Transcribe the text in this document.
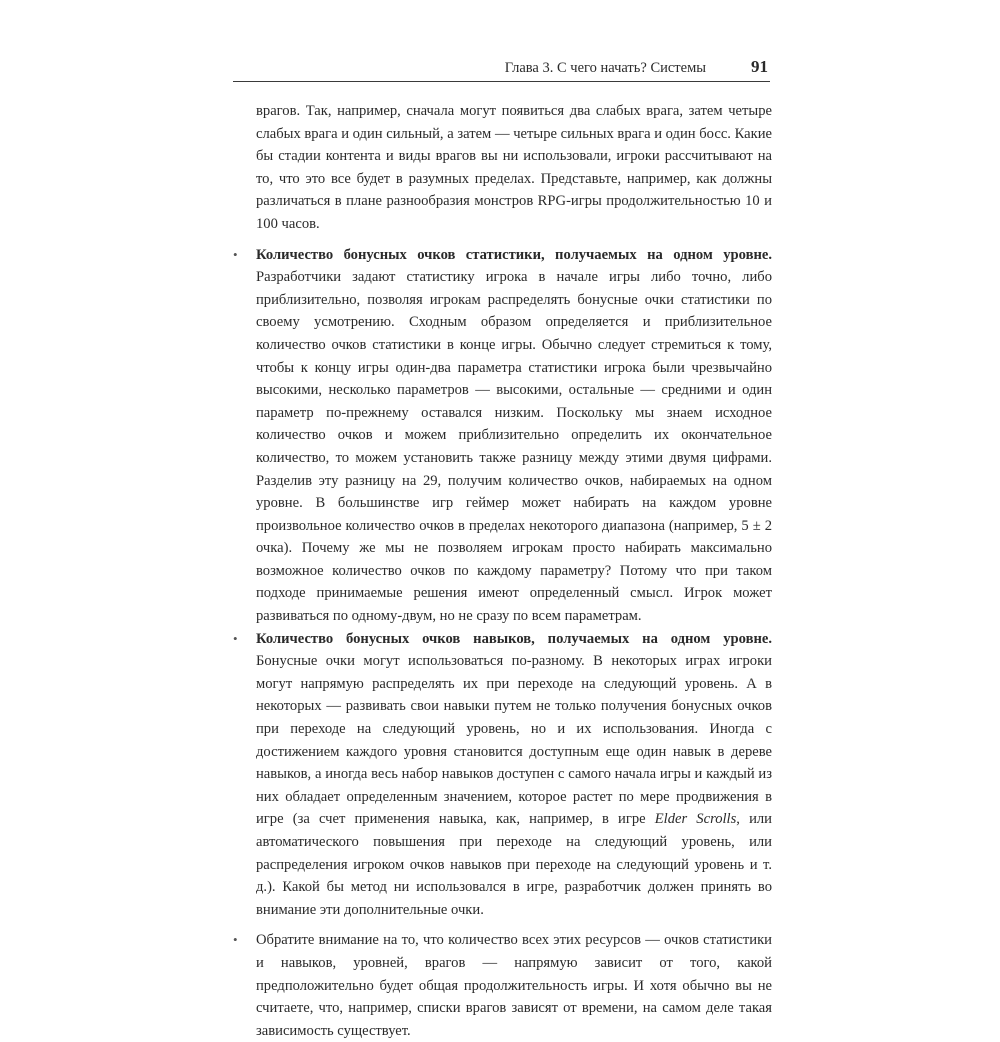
Глава 3. С чего начать? Системы	91

врагов. Так, например, сначала могут появиться два слабых врага, затем четыре слабых врага и один сильный, а затем — четыре сильных врага и один босс. Какие бы стадии контента и виды врагов вы ни использовали, игроки рассчитывают на то, что это все будет в разумных пределах. Представьте, например, как должны различаться в плане разнообразия монстров RPG-игры продолжительностью 10 и 100 часов.

• Количество бонусных очков статистики, получаемых на одном уровне. Разработчики задают статистику игрока в начале игры либо точно, либо приблизительно, позволяя игрокам распределять бонусные очки статистики по своему усмотрению. Сходным образом определяется и приблизительное количество очков статистики в конце игры. Обычно следует стремиться к тому, чтобы к концу игры один-два параметра статистики игрока были чрезвычайно высокими, несколько параметров — высокими, остальные — средними и один параметр по-прежнему оставался низким. Поскольку мы знаем исходное количество очков и можем приблизительно определить их окончательное количество, то можем установить также разницу между этими двумя цифрами. Разделив эту разницу на 29, получим количество очков, набираемых на одном уровне. В большинстве игр геймер может набирать на каждом уровне произвольное количество очков в пределах некоторого диапазона (например, 5 ± 2 очка). Почему же мы не позволяем игрокам просто набирать максимально возможное количество очков по каждому параметру? Потому что при таком подходе принимаемые решения имеют определенный смысл. Игрок может развиваться по одному-двум, но не сразу по всем параметрам.
• Количество бонусных очков навыков, получаемых на одном уровне. Бонусные очки могут использоваться по-разному. В некоторых играх игроки могут напрямую распределять их при переходе на следующий уровень. А в некоторых — развивать свои навыки путем не только получения бонусных очков при переходе на следующий уровень, но и их использования. Иногда с достижением каждого уровня становится доступным еще один навык в дереве навыков, а иногда весь набор навыков доступен с самого начала игры и каждый из них обладает определенным значением, которое растет по мере продвижения в игре (за счет применения навыка, как, например, в игре Elder Scrolls, или автоматического повышения при переходе на следующий уровень, или распределения игроком очков навыков при переходе на следующий уровень и т. д.). Какой бы метод ни использовался в игре, разработчик должен принять во внимание эти дополнительные очки.
• Обратите внимание на то, что количество всех этих ресурсов — очков статистики и навыков, уровней, врагов — напрямую зависит от того, какой предположительно будет общая продолжительность игры. И хотя обычно вы не считаете, что, например, списки врагов зависят от времени, на самом деле такая зависимость существует.
